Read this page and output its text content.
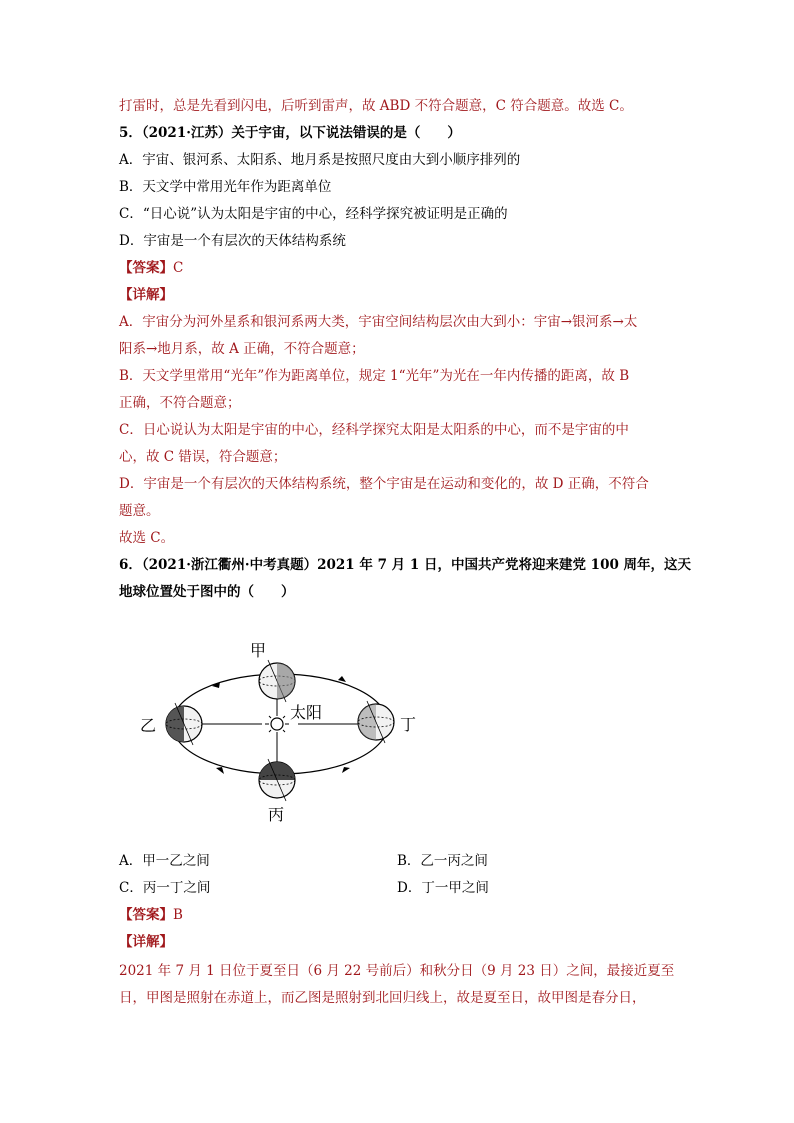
打雷时，总是先看到闪电，后听到雷声，故 ABD 不符合题意，C 符合题意。故选 C。
5．（2021·江苏）关于宇宙，以下说法错误的是（　　）
A．宇宙、银河系、太阳系、地月系是按照尺度由大到小顺序排列的
B．天文学中常用光年作为距离单位
C．“日心说”认为太阳是宇宙的中心，经科学探究被证明是正确的
D．宇宙是一个有层次的天体结构系统
【答案】C
【详解】
A．宇宙分为河外星系和银河系两大类，宇宙空间结构层次由大到小：宇宙→银河系→太
阳系→地月系，故 A 正确，不符合题意；
B．天文学里常用“光年”作为距离单位，规定 1“光年”为光在一年内传播的距离，故 B
正确，不符合题意；
C．日心说认为太阳是宇宙的中心，经科学探究太阳是太阳系的中心，而不是宇宙的中
心，故 C 错误，符合题意；
D．宇宙是一个有层次的天体结构系统，整个宇宙是在运动和变化的，故 D 正确，不符合
题意。
故选 C。
6．（2021·浙江衢州·中考真题）2021 年 7 月 1 日，中国共产党将迎来建党 100 周年，这天
地球位置处于图中的（　　）
太阳
甲
乙
丙
丁
A．甲一乙之间	B．乙一丙之间
C．丙一丁之间	D．丁一甲之间
【答案】B
【详解】
2021 年 7 月 1 日位于夏至日（6 月 22 号前后）和秋分日（9 月 23 日）之间，最接近夏至
日，甲图是照射在赤道上，而乙图是照射到北回归线上，故是夏至日，故甲图是春分日，
